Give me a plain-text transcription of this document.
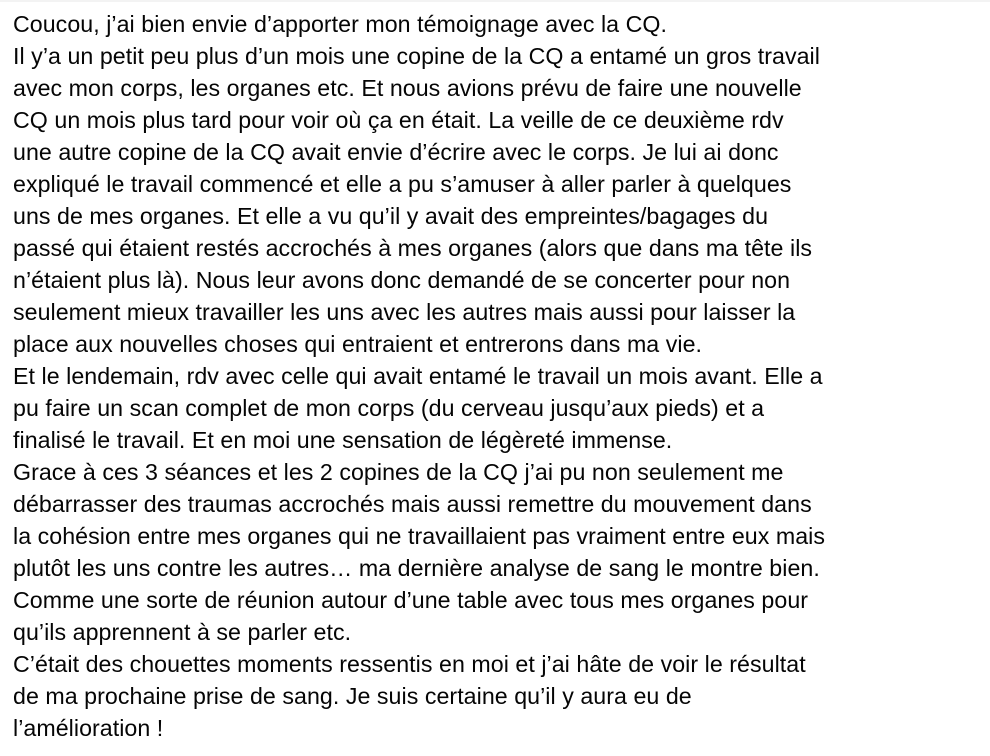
Coucou, j’ai bien envie d’apporter mon témoignage avec la CQ.
Il y’a un petit peu plus d’un mois une copine de la CQ a entamé un gros travail
avec mon corps, les organes etc. Et nous avions prévu de faire une nouvelle
CQ un mois plus tard pour voir où ça en était. La veille de ce deuxième rdv
une autre copine de la CQ avait envie d’écrire avec le corps. Je lui ai donc
expliqué le travail commencé et elle a pu s’amuser à aller parler à quelques
uns de mes organes. Et elle a vu qu’il y avait des empreintes/bagages du
passé qui étaient restés accrochés à mes organes (alors que dans ma tête ils
n’étaient plus là). Nous leur avons donc demandé de se concerter pour non
seulement mieux travailler les uns avec les autres mais aussi pour laisser la
place aux nouvelles choses qui entraient et entrerons dans ma vie.
Et le lendemain, rdv avec celle qui avait entamé le travail un mois avant. Elle a
pu faire un scan complet de mon corps (du cerveau jusqu’aux pieds) et a
finalisé le travail. Et en moi une sensation de légèreté immense.
Grace à ces 3 séances et les 2 copines de la CQ j’ai pu non seulement me
débarrasser des traumas accrochés mais aussi remettre du mouvement dans
la cohésion entre mes organes qui ne travaillaient pas vraiment entre eux mais
plutôt les uns contre les autres… ma dernière analyse de sang le montre bien.
Comme une sorte de réunion autour d’une table avec tous mes organes pour
qu’ils apprennent à se parler etc.
C’était des chouettes moments ressentis en moi et j’ai hâte de voir le résultat
de ma prochaine prise de sang. Je suis certaine qu’il y aura eu de
l’amélioration !
